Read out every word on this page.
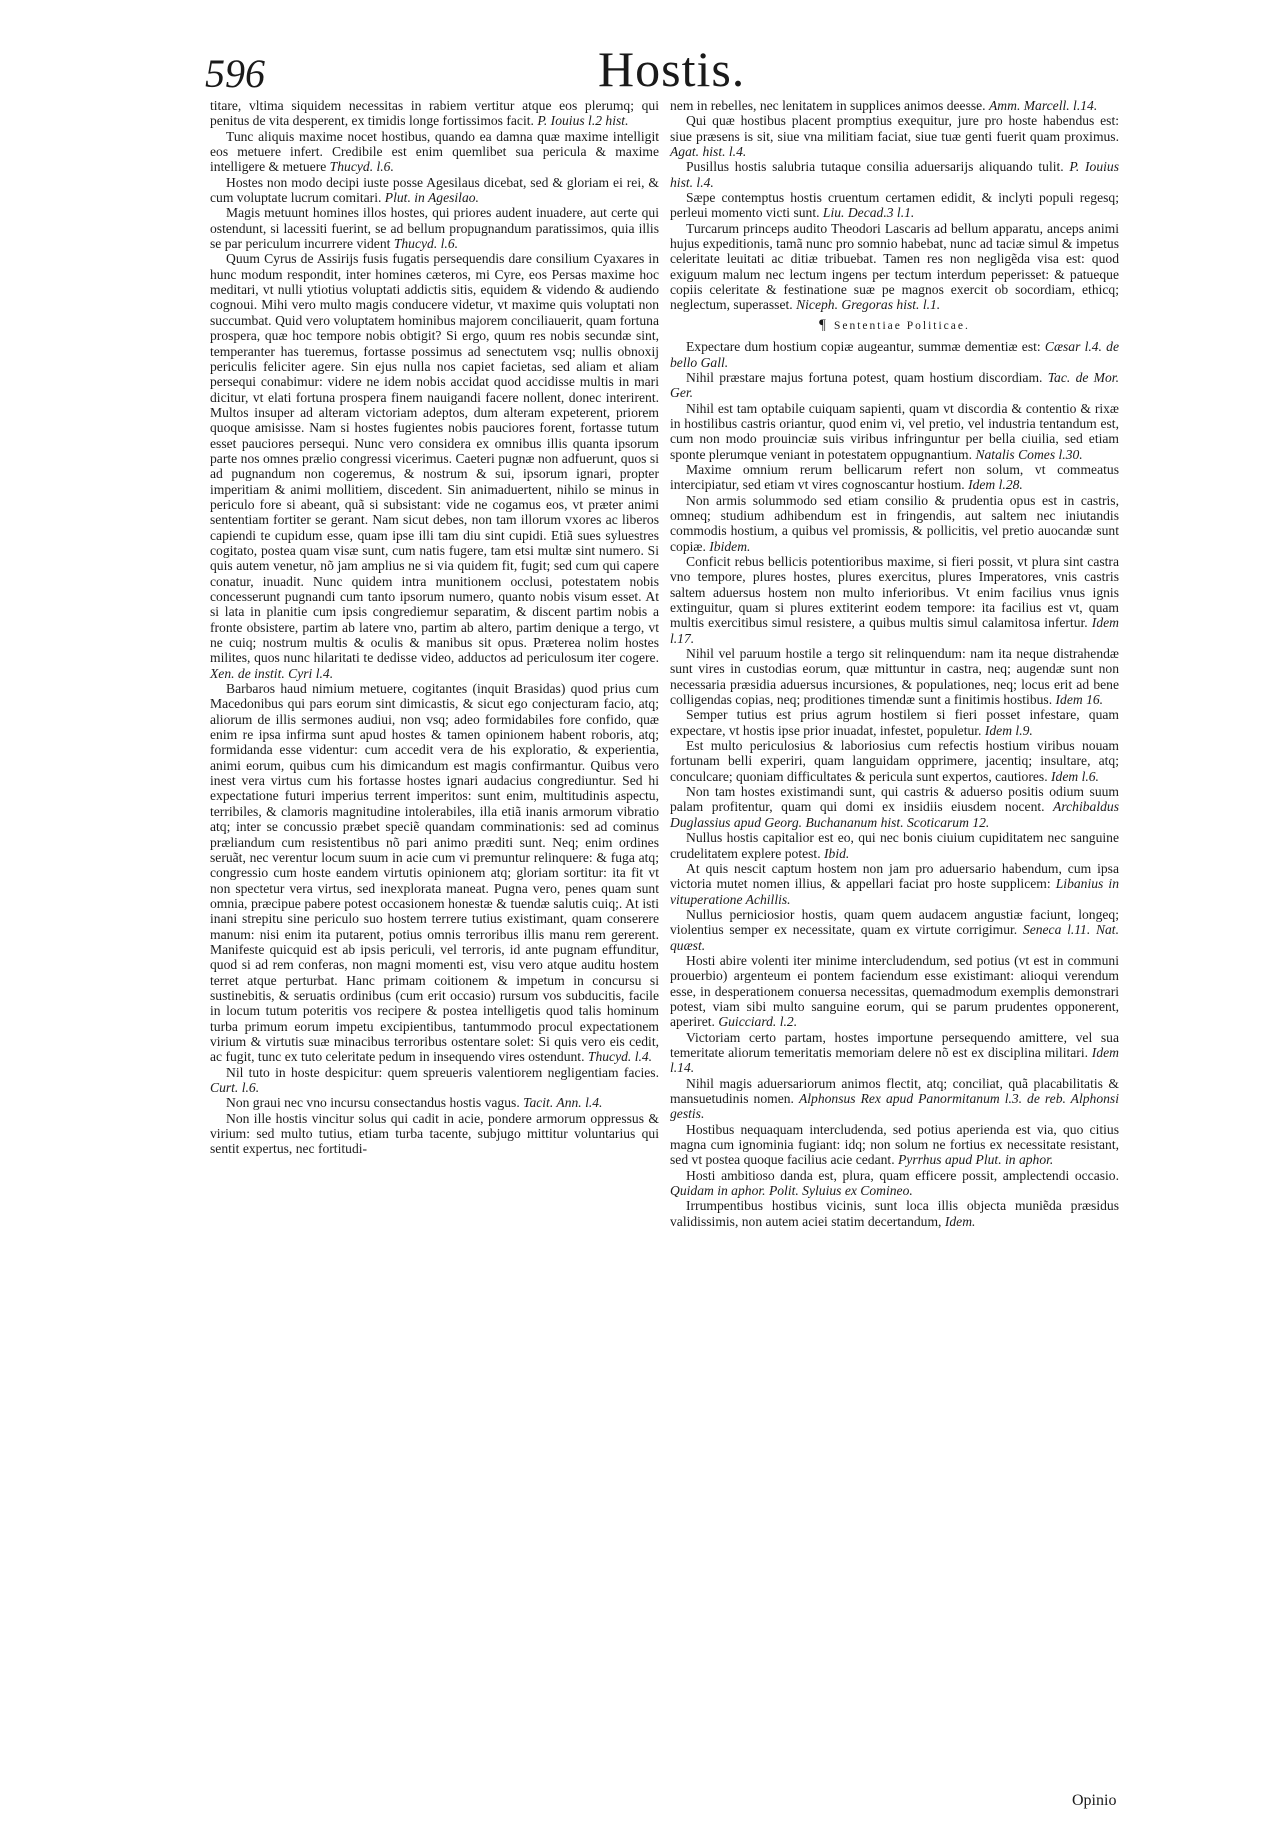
596	Hostis.

titare, vltima siquidem necessitas in rabiem vertitur atque eos plerumq; qui penitus de vita desperent, ex timidis longe fortissimos facit. P. Iouius l.2 hist.

Tunc aliquis maxime nocet hostibus, quando ea damna quæ maxime intelligit eos metuere infert. Credibile est enim quemlibet sua pericula & maxime intelligere & metuere Thucyd. l.6.

Hostes non modo decipi iuste posse Agesilaus dicebat, sed & gloriam ei rei, & cum voluptate lucrum comitari. Plut. in Agesilao.

Magis metuunt homines illos hostes, qui priores audent inuadere, aut certe qui ostendunt, si lacessiti fuerint, se ad bellum propugnandum paratissimos, quia illis se par periculum incurrere vident Thucyd. l.6.

Quum Cyrus de Assirijs fusis fugatis persequendis dare consilium Cyaxares in hunc modum respondit, inter homines cæteros, mi Cyre, eos Persas maxime hoc meditari, vt nulli ytiotius voluptati addictis sitis, equidem & videndo & audiendo cognoui. Mihi vero multo magis conducere videtur, vt maxime quis voluptati non succumbat. Quid vero voluptatem hominibus majorem conciliauerit, quam fortuna prospera, quæ hoc tempore nobis obtigit? Si ergo, quum res nobis secundæ sint, temperanter has tueremus, fortasse possimus ad senectutem vsq; nullis obnoxij periculis feliciter agere. Sin ejus nulla nos capiet facietas, sed aliam et aliam persequi conabimur: videre ne idem nobis accidat quod accidisse multis in mari dicitur, vt elati fortuna prospera finem nauigandi facere nollent, donec interirent. Multos insuper ad alteram victoriam adeptos, dum alteram expeterent, priorem quoque amisisse. Nam si hostes fugientes nobis pauciores forent, fortasse tutum esset pauciores persequi. Nunc vero considera ex omnibus illis quanta ipsorum parte nos omnes prælio congressi vicerimus. Caeteri pugnæ non adfuerunt, quos si ad pugnandum non cogeremus, & nostrum & sui, ipsorum ignari, propter imperitiam & animi mollitiem, discedent. Sin animaduertent, nihilo se minus in periculo fore si abeant, quã si subsistant: vide ne cogamus eos, vt præter animi sententiam fortiter se gerant. Nam sicut debes, non tam illorum vxores ac liberos capiendi te cupidum esse, quam ipse illi tam diu sint cupidi. Etiã sues syluestres cogitato, postea quam visæ sunt, cum natis fugere, tam etsi multæ sint numero. Si quis autem venetur, nõ jam amplius ne si via quidem fit, fugit; sed cum qui capere conatur, inuadit. Nunc quidem intra munitionem occlusi, potestatem nobis concesserunt pugnandi cum tanto ipsorum numero, quanto nobis visum esset. At si lata in planitie cum ipsis congrediemur separatim, & discent partim nobis a fronte obsistere, partim ab latere vno, partim ab altero, partim denique a tergo, vt ne cuiq; nostrum multis & oculis & manibus sit opus. Præterea nolim hostes milites, quos nunc hilaritati te dedisse video, adductos ad periculosum iter cogere. Xen. de instit. Cyri l.4.

Barbaros haud nimium metuere, cogitantes (inquit Brasidas) quod prius cum Macedonibus qui pars eorum sint dimicastis, & sicut ego conjecturam facio, atq; aliorum de illis sermones audiui, non vsq; adeo formidabiles fore confido, quæ enim re ipsa infirma sunt apud hostes & tamen opinionem habent roboris, atq; formidanda esse videntur: cum accedit vera de his exploratio, & experientia, animi eorum, quibus cum his dimicandum est magis confirmantur. Quibus vero inest vera virtus cum his fortasse hostes ignari audacius congrediuntur. Sed hi expectatione futuri imperius terrent imperitos: sunt enim, multitudinis aspectu, terribiles, & clamoris magnitudine intolerabiles, illa etiã inanis armorum vibratio atq; inter se concussio præbet speciẽ quandam comminationis: sed ad cominus præliandum cum resistentibus nõ pari animo præditi sunt. Neq; enim ordines seruãt, nec verentur locum suum in acie cum vi premuntur relinquere: & fuga atq; congressio cum hoste eandem virtutis opinionem atq; gloriam sortitur: ita fit vt non spectetur vera virtus, sed inexplorata maneat. Pugna vero, penes quam sunt omnia, præcipue pabere potest occasionem honestæ & tuendæ salutis cuiq;. At isti inani strepitu sine periculo suo hostem terrere tutius existimant, quam conserere manum: nisi enim ita putarent, potius omnis terroribus illis manu rem gererent. Manifeste quicquid est ab ipsis periculi, vel terroris, id ante pugnam effunditur, quod si ad rem conferas, non magni momenti est, visu vero atque auditu hostem terret atque perturbat. Hanc primam coitionem & impetum in concursu si sustinebitis, & seruatis ordinibus (cum erit occasio) rursum vos subducitis, facile in locum tutum poteritis vos recipere & postea intelligetis quod talis hominum turba primum eorum impetu excipientibus, tantummodo procul expectationem virium & virtutis suæ minacibus terroribus ostentare solet: Si quis vero eis cedit, ac fugit, tunc ex tuto celeritate pedum in insequendo vires ostendunt. Thucyd. l.4.

Nil tuto in hoste despicitur: quem spreueris valentiorem negligentiam facies. Curt. l.6.

Non graui nec vno incursu consectandus hostis vagus. Tacit. Ann. l.4.

Non ille hostis vincitur solus qui cadit in acie, pondere armorum oppressus & virium: sed multo tutius, etiam turba tacente, subjugo mittitur voluntarius qui sentit expertus, nec fortitudi-

nem in rebelles, nec lenitatem in supplices animos deesse. Amm. Marcell. l.14.

Qui quæ hostibus placent promptius exequitur, jure pro hoste habendus est: siue præsens is sit, siue vna militiam faciat, siue tuæ genti fuerit quam proximus. Agat. hist. l.4.

Pusillus hostis salubria tutaque consilia aduersarijs aliquando tulit. P. Iouius hist. l.4.

Sæpe contemptus hostis cruentum certamen edidit, & inclyti populi regesq; perleui momento victi sunt. Liu. Decad.3 l.1.

Turcarum princeps audito Theodori Lascaris ad bellum apparatu, anceps animi hujus expeditionis, tamã nunc pro somnio habebat, nunc ad taciæ simul & impetus celeritate leuitati ac ditiæ tribuebat. Tamen res non negligẽda visa est: quod exiguum malum nec lectum ingens per tectum interdum peperisset: & patueque copiis celeritate & festinatione suæ pe magnos exercit ob socordiam, ethicq; neglectum, superasset. Niceph. Gregoras hist. l.1.

¶ Sententiae Politicae.

Expectare dum hostium copiæ augeantur, summæ dementiæ est: Cæsar l.4. de bello Gall.

Nihil præstare majus fortuna potest, quam hostium discordiam. Tac. de Mor. Ger.

Nihil est tam optabile cuiquam sapienti, quam vt discordia & contentio & rixæ in hostilibus castris oriantur, quod enim vi, vel pretio, vel industria tentandum est, cum non modo prouinciæ suis viribus infringuntur per bella ciuilia, sed etiam sponte plerumque veniant in potestatem oppugnantium. Natalis Comes l.30.

Maxime omnium rerum bellicarum refert non solum, vt commeatus intercipiatur, sed etiam vt vires cognoscantur hostium. Idem l.28.

Non armis solummodo sed etiam consilio & prudentia opus est in castris, omneq; studium adhibendum est in fringendis, aut saltem nec iniutandis commodis hostium, a quibus vel promissis, & pollicitis, vel pretio auocandæ sunt copiæ. Ibidem.

Conficit rebus bellicis potentioribus maxime, si fieri possit, vt plura sint castra vno tempore, plures hostes, plures exercitus, plures Imperatores, vnis castris saltem aduersus hostem non multo inferioribus. Vt enim facilius vnus ignis extinguitur, quam si plures extiterint eodem tempore: ita facilius est vt, quam multis exercitibus simul resistere, a quibus multis simul calamitosa infertur. Idem l.17.

Nihil vel paruum hostile a tergo sit relinquendum: nam ita neque distrahendæ sunt vires in custodias eorum, quæ mittuntur in castra, neq; augendæ sunt non necessaria præsidia aduersus incursiones, & populationes, neq; locus erit ad bene colligendas copias, neq; proditiones timendæ sunt a finitimis hostibus. Idem 16.

Semper tutius est prius agrum hostilem si fieri posset infestare, quam expectare, vt hostis ipse prior inuadat, infestet, populetur. Idem l.9.

Est multo periculosius & laboriosius cum refectis hostium viribus nouam fortunam belli experiri, quam languidam opprimere, jacentiq; insultare, atq; conculcare; quoniam difficultates & pericula sunt expertos, cautiores. Idem l.6.

Non tam hostes existimandi sunt, qui castris & aduerso positis odium suum palam profitentur, quam qui domi ex insidiis eiusdem nocent. Archibaldus Duglassius apud Georg. Buchananum hist. Scoticarum 12.

Nullus hostis capitalior est eo, qui nec bonis ciuium cupiditatem nec sanguine crudelitatem explere potest. Ibid.

At quis nescit captum hostem non jam pro aduersario habendum, cum ipsa victoria mutet nomen illius, & appellari faciat pro hoste supplicem: Libanius in vituperatione Achillis.

Nullus perniciosior hostis, quam quem audacem angustiæ faciunt, longeq; violentius semper ex necessitate, quam ex virtute corrigimur. Seneca l.11. Nat. quæst.

Hosti abire volenti iter minime intercludendum, sed potius (vt est in communi prouerbio) argenteum ei pontem faciendum esse existimant: alioqui verendum esse, in desperationem conuersa necessitas, quemadmodum exemplis demonstrari potest, viam sibi multo sanguine eorum, qui se parum prudentes opponerent, aperiret. Guicciard. l.2.

Victoriam certo partam, hostes importune persequendo amittere, vel sua temeritate aliorum temeritatis memoriam delere nõ est ex disciplina militari. Idem l.14.

Nihil magis aduersariorum animos flectit, atq; conciliat, quã placabilitatis & mansuetudinis nomen. Alphonsus Rex apud Panormitanum l.3. de reb. Alphonsi gestis.

Hostibus nequaquam intercludenda, sed potius aperienda est via, quo citius magna cum ignominia fugiant: idq; non solum ne fortius ex necessitate resistant, sed vt postea quoque facilius acie cedant. Pyrrhus apud Plut. in aphor.

Hosti ambitioso danda est, plura, quam efficere possit, amplectendi occasio. Quidam in aphor. Polit. Syluius ex Comineo.

Irrumpentibus hostibus vicinis, sunt loca illis objecta muniẽda præsidus validissimis, non autem aciei statim decertandum, Idem.

Opinio
